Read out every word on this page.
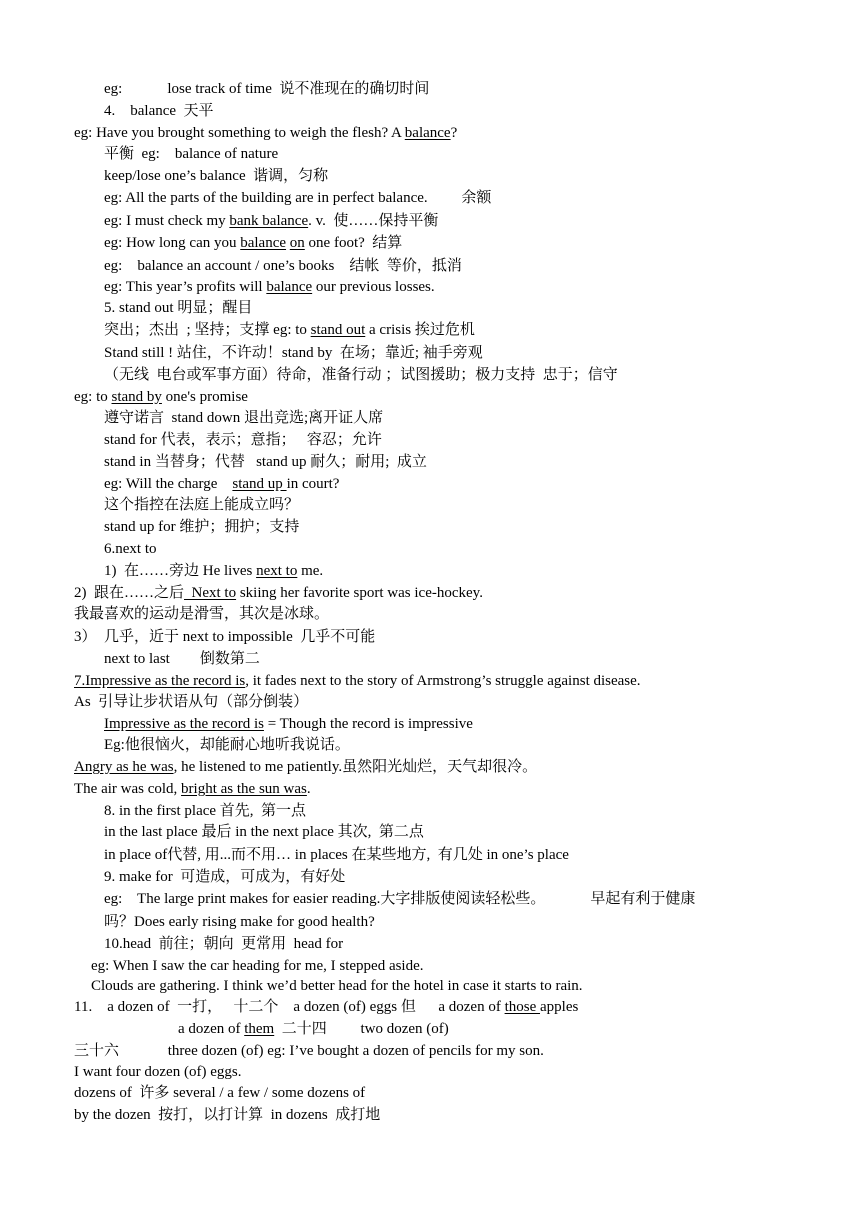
eg:            lose track of time  说不准现在的确切时间
4.    balance  天平
eg: Have you brought something to weigh the flesh? A balance?
平衡  eg:    balance of nature
keep/lose one’s balance  谐调，匀称
eg: All the parts of the building are in perfect balance.         余额
eg: I must check my bank balance. v.  使……保持平衡
eg: How long can you balance on one foot?  结算
eg:    balance an account / one’s books    结帐  等价，抵消
eg: This year’s profits will balance our previous losses.
5. stand out 明显；醒目
突出；杰出  ; 坚持；支撑 eg: to stand out a crisis 挨过危机
Stand still ! 站住，不许动！stand by  在场；靠近; 袖手旁观
（无线  电台或军事方面）待命，准备行动 ；试图援助；极力支持  忠于；信守
eg: to stand by one's promise
遵守诺言  stand down 退出竞选;离开证人席
stand for 代表，表示；意指；   容忍；允许
stand in 当替身；代替   stand up 耐久；耐用;  成立
eg: Will the charge    stand up in court?
这个指控在法庭上能成立吗？
stand up for 维护；拥护；支持
6.next to
1)  在……旁边 He lives next to me.
2)  跟在……之后  Next to skiing her favorite sport was ice-hockey.
我最喜欢的运动是滑雪，其次是冰球。
3）  几乎，近于 next to impossible  几乎不可能
next to last        倒数第二
7.Impressive as the record is, it fades next to the story of Armstrong’s struggle against disease.
As  引导让步状语从句（部分倒装）
Impressive as the record is = Though the record is impressive
Eg:他很恼火，却能耐心地听我说话。
Angry as he was, he listened to me patiently.虽然阳光灿烂，天气却很冷。
The air was cold, bright as the sun was.
8. in the first place 首先,  第一点
in the last place 最后 in the next place 其次,  第二点
in place of代替, 用...而不用… in places 在某些地方,  有几处 in one’s place
9. make for  可造成，可成为，有好处
eg:    The large print makes for easier reading.大字排版使阅读轻松些。            早起有利于健康
吗？Does early rising make for good health?
10.head  前往；朝向  更常用  head for
eg: When I saw the car heading for me, I stepped aside.
Clouds are gathering. I think we’d better head for the hotel in case it starts to rain.
11.    a dozen of  一打，   十二个    a dozen (of) eggs 但      a dozen of those apples
a dozen of them  二十四         two dozen (of)
三十六             three dozen (of) eg: I’ve bought a dozen of pencils for my son.
I want four dozen (of) eggs.
dozens of  许多 several / a few / some dozens of
by the dozen  按打，以打计算  in dozens  成打地
